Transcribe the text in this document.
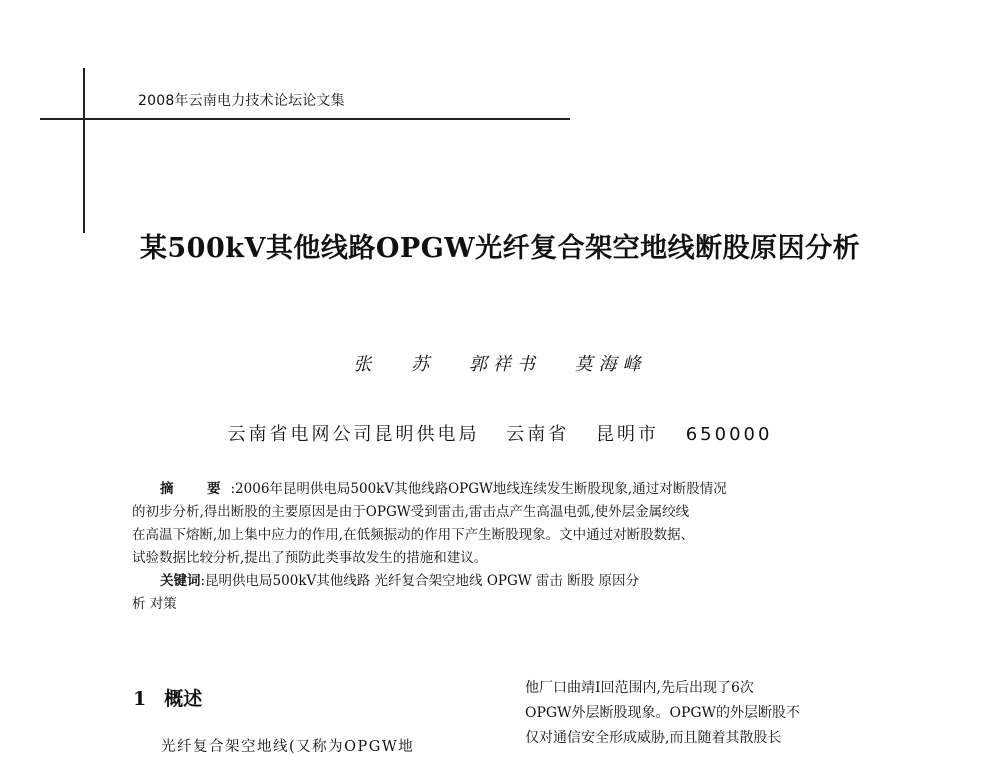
2008年云南电力技术论坛论文集
某500kV其他线路OPGW光纤复合架空地线断股原因分析
张 苏 郭祥书 莫海峰
云南省电网公司昆明供电局 云南省 昆明市 650000
摘　要:2006年昆明供电局500kV其他线路OPGW地线连续发生断股现象,通过对断股情况
的初步分析,得出断股的主要原因是由于OPGW受到雷击,雷击点产生高温电弧,使外层金属绞线
在高温下熔断,加上集中应力的作用,在低频振动的作用下产生断股现象。文中通过对断股数据、
试验数据比较分析,提出了预防此类事故发生的措施和建议。
关键词:昆明供电局500kV其他线路 光纤复合架空地线 OPGW 雷击 断股 原因分
析 对策
1 概述
光纤复合架空地线(又称为OPGW地
他厂口曲靖Ⅰ回范围内,先后出现了6次
OPGW外层断股现象。OPGW的外层断股不
仅对通信安全形成威胁,而且随着其散股长
